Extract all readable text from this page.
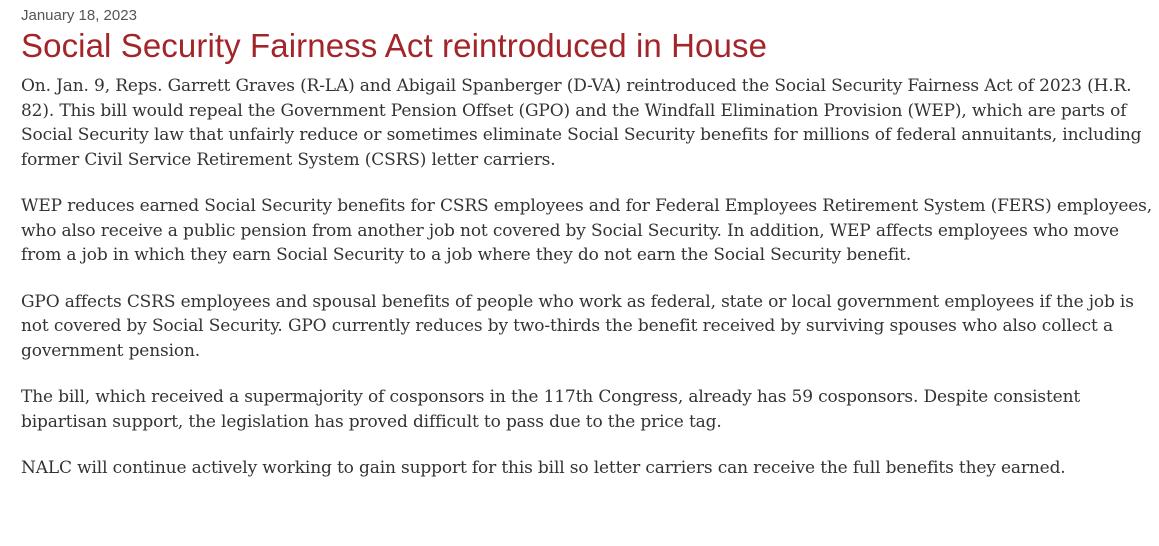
January 18, 2023

Social Security Fairness Act reintroduced in House

On. Jan. 9, Reps. Garrett Graves (R-LA) and Abigail Spanberger (D-VA) reintroduced the Social Security Fairness Act of 2023 (H.R. 82). This bill would repeal the Government Pension Offset (GPO) and the Windfall Elimination Provision (WEP), which are parts of Social Security law that unfairly reduce or sometimes eliminate Social Security benefits for millions of federal annuitants, including former Civil Service Retirement System (CSRS) letter carriers.

WEP reduces earned Social Security benefits for CSRS employees and for Federal Employees Retirement System (FERS) employees, who also receive a public pension from another job not covered by Social Security. In addition, WEP affects employees who move from a job in which they earn Social Security to a job where they do not earn the Social Security benefit.

GPO affects CSRS employees and spousal benefits of people who work as federal, state or local government employees if the job is not covered by Social Security. GPO currently reduces by two-thirds the benefit received by surviving spouses who also collect a government pension.

The bill, which received a supermajority of cosponsors in the 117th Congress, already has 59 cosponsors. Despite consistent bipartisan support, the legislation has proved difficult to pass due to the price tag.

NALC will continue actively working to gain support for this bill so letter carriers can receive the full benefits they earned.
